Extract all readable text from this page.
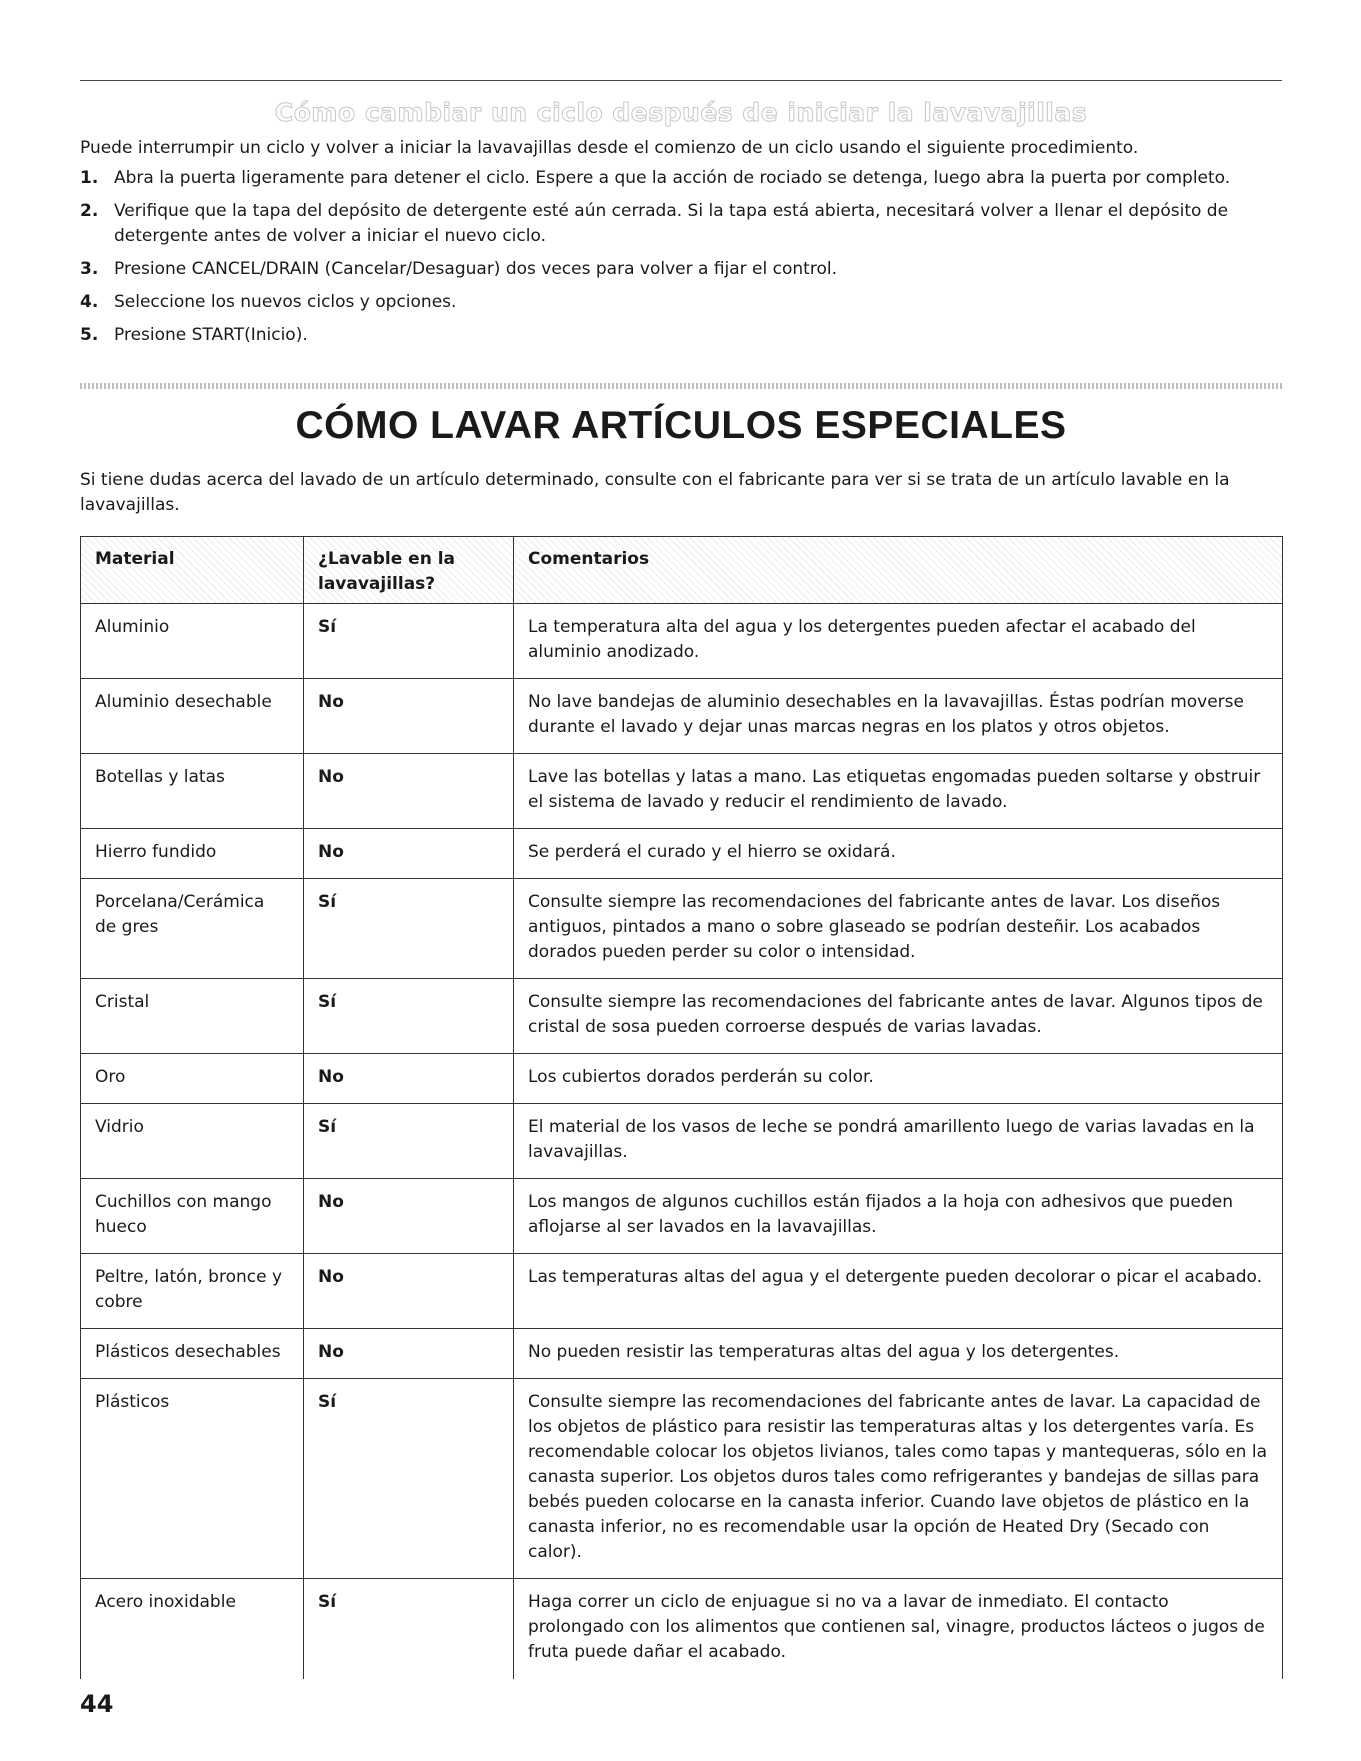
Cómo cambiar un ciclo después de iniciar la lavavajillas
Puede interrumpir un ciclo y volver a iniciar la lavavajillas desde el comienzo de un ciclo usando el siguiente procedimiento.
1. Abra la puerta ligeramente para detener el ciclo. Espere a que la acción de rociado se detenga, luego abra la puerta por completo.
2. Verifique que la tapa del depósito de detergente esté aún cerrada. Si la tapa está abierta, necesitará volver a llenar el depósito de detergente antes de volver a iniciar el nuevo ciclo.
3. Presione CANCEL/DRAIN (Cancelar/Desaguar) dos veces para volver a fijar el control.
4. Seleccione los nuevos ciclos y opciones.
5. Presione START(Inicio).
CÓMO LAVAR ARTÍCULOS ESPECIALES
Si tiene dudas acerca del lavado de un artículo determinado, consulte con el fabricante para ver si se trata de un artículo lavable en la lavavajillas.
Material	¿Lavable en la lavavajillas?	Comentarios
Aluminio	Sí	La temperatura alta del agua y los detergentes pueden afectar el acabado del aluminio anodizado.
Aluminio desechable	No	No lave bandejas de aluminio desechables en la lavavajillas. Éstas podrían moverse durante el lavado y dejar unas marcas negras en los platos y otros objetos.
Botellas y latas	No	Lave las botellas y latas a mano. Las etiquetas engomadas pueden soltarse y obstruir el sistema de lavado y reducir el rendimiento de lavado.
Hierro fundido	No	Se perderá el curado y el hierro se oxidará.
Porcelana/Cerámica de gres	Sí	Consulte siempre las recomendaciones del fabricante antes de lavar. Los diseños antiguos, pintados a mano o sobre glaseado se podrían desteñir. Los acabados dorados pueden perder su color o intensidad.
Cristal	Sí	Consulte siempre las recomendaciones del fabricante antes de lavar. Algunos tipos de cristal de sosa pueden corroerse después de varias lavadas.
Oro	No	Los cubiertos dorados perderán su color.
Vidrio	Sí	El material de los vasos de leche se pondrá amarillento luego de varias lavadas en la lavavajillas.
Cuchillos con mango hueco	No	Los mangos de algunos cuchillos están fijados a la hoja con adhesivos que pueden aflojarse al ser lavados en la lavavajillas.
Peltre, latón, bronce y cobre	No	Las temperaturas altas del agua y el detergente pueden decolorar o picar el acabado.
Plásticos desechables	No	No pueden resistir las temperaturas altas del agua y los detergentes.
Plásticos	Sí	Consulte siempre las recomendaciones del fabricante antes de lavar. La capacidad de los objetos de plástico para resistir las temperaturas altas y los detergentes varía. Es recomendable colocar los objetos livianos, tales como tapas y mantequeras, sólo en la canasta superior. Los objetos duros tales como refrigerantes y bandejas de sillas para bebés pueden colocarse en la canasta inferior. Cuando lave objetos de plástico en la canasta inferior, no es recomendable usar la opción de Heated Dry (Secado con calor).
Acero inoxidable	Sí	Haga correr un ciclo de enjuague si no va a lavar de inmediato. El contacto prolongado con los alimentos que contienen sal, vinagre, productos lácteos o jugos de fruta puede dañar el acabado.
44
